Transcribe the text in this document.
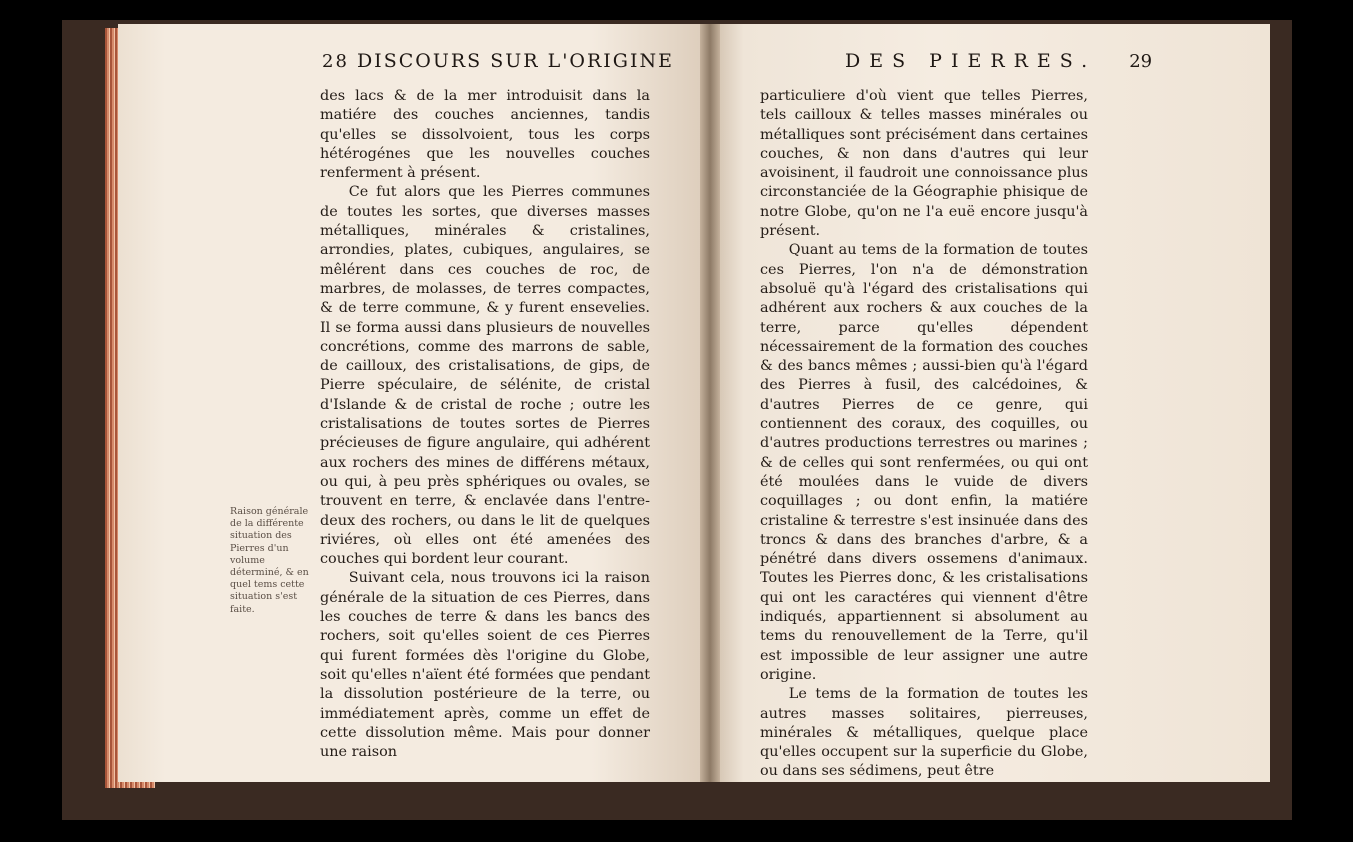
28 DISCOURS SUR L'ORIGINE	DES PIERRES. 29

des lacs & de la mer introduisit dans la matiére des couches anciennes, tandis qu'elles se dissolvoient, tous les corps hétérogénes que les nouvelles couches renferment à présent.

Ce fut alors que les Pierres communes de toutes les sortes, que diverses masses métalliques, minérales & cristalines, arrondies, plates, cubiques, angulaires, se mêlérent dans ces couches de roc, de marbres, de molasses, de terres compactes, & de terre commune, & y furent ensevelies. Il se forma aussi dans plusieurs de nouvelles concrétions, comme des marrons de sable, de cailloux, des cristalisations, de gips, de Pierre spéculaire, de sélénite, de cristal d'Islande & de cristal de roche ; outre les cristalisations de toutes sortes de Pierres précieuses de figure angulaire, qui adhérent aux rochers des mines de différens métaux, ou qui, à peu près sphériques ou ovales, se trouvent en terre, & enclavée dans l'entre-deux des rochers, ou dans le lit de quelques riviéres, où elles ont été amenées des couches qui bordent leur courant.

Suivant cela, nous trouvons ici la raison générale de la situation de ces Pierres, dans les couches de terre & dans les bancs des rochers, soit qu'elles soient de ces Pierres qui furent formées dès l'origine du Globe, soit qu'elles n'aïent été formées que pendant la dissolution postérieure de la terre, ou immédiatement après, comme un effet de cette dissolution même. Mais pour donner une raison

Raison générale de la différente situation des Pierres d'un volume déterminé, & en quel tems cette situation s'est faite.

particuliere d'où vient que telles Pierres, tels cailloux & telles masses minérales ou métalliques sont précisément dans certaines couches, & non dans d'autres qui leur avoisinent, il faudroit une connoissance plus circonstanciée de la Géographie phisique de notre Globe, qu'on ne l'a euë encore jusqu'à présent.

Quant au tems de la formation de toutes ces Pierres, l'on n'a de démonstration absoluë qu'à l'égard des cristalisations qui adhérent aux rochers & aux couches de la terre, parce qu'elles dépendent nécessairement de la formation des couches & des bancs mêmes ; aussi-bien qu'à l'égard des Pierres à fusil, des calcédoines, & d'autres Pierres de ce genre, qui contiennent des coraux, des coquilles, ou d'autres productions terrestres ou marines ; & de celles qui sont renfermées, ou qui ont été moulées dans le vuide de divers coquillages ; ou dont enfin, la matiére cristaline & terrestre s'est insinuée dans des troncs & dans des branches d'arbre, & a pénétré dans divers ossemens d'animaux. Toutes les Pierres donc, & les cristalisations qui ont les caractéres qui viennent d'être indiqués, appartiennent si absolument au tems du renouvellement de la Terre, qu'il est impossible de leur assigner une autre origine.

Le tems de la formation de toutes les autres masses solitaires, pierreuses, minérales & métalliques, quelque place qu'elles occupent sur la superficie du Globe, ou dans ses sédimens, peut être
